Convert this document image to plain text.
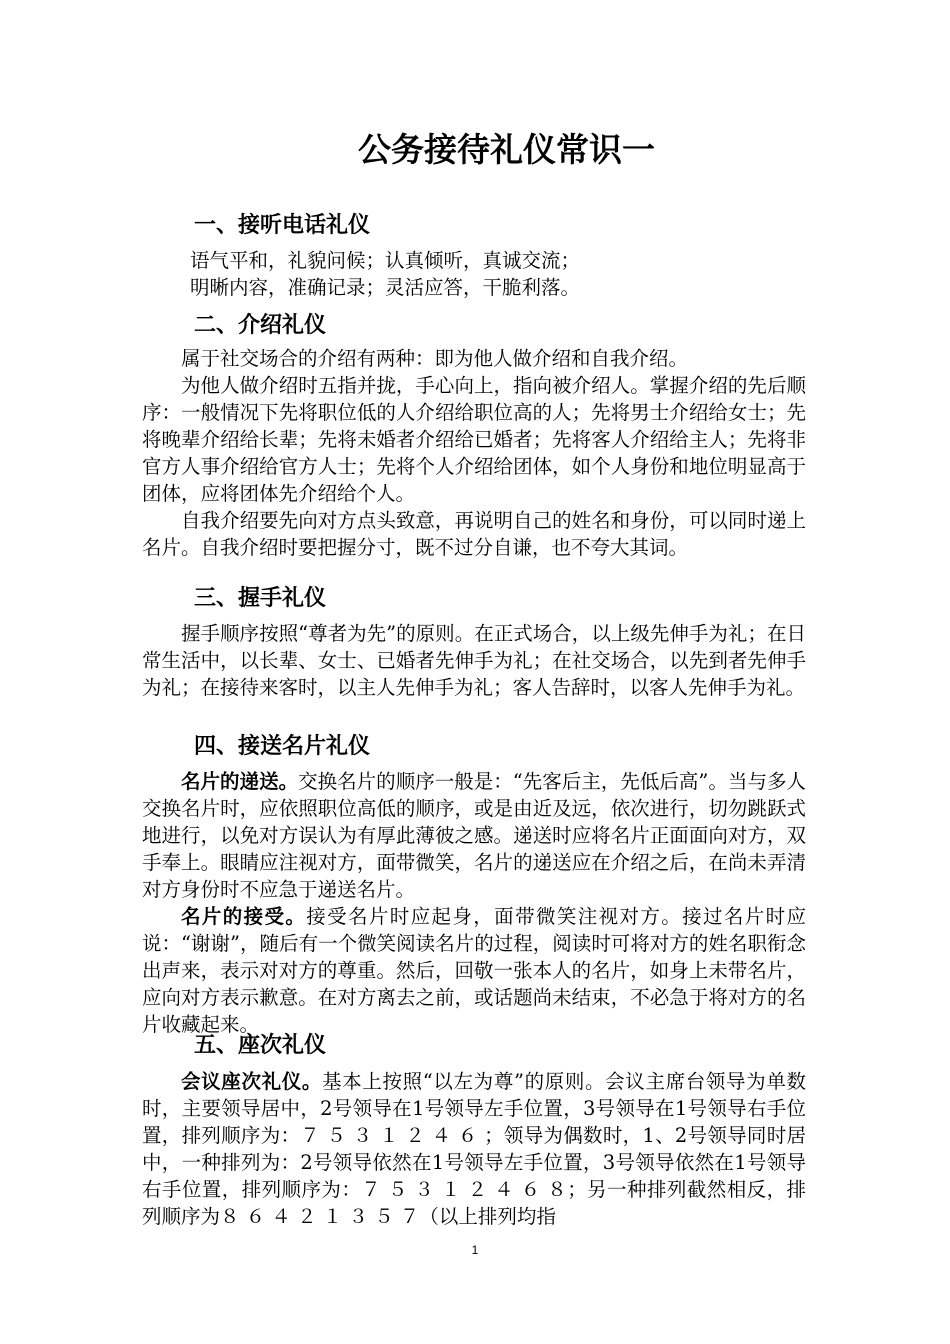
公务接待礼仪常识一
一、接听电话礼仪
语气平和，礼貌问候；认真倾听，真诚交流；
明晰内容，准确记录；灵活应答，干脆利落。
二、介绍礼仪

属于社交场合的介绍有两种：即为他人做介绍和自我介绍。

为他人做介绍时五指并拢，手心向上，指向被介绍人。掌握介绍的先后顺序：一般情况下先将职位低的人介绍给职位高的人；先将男士介绍给女士；先将晚辈介绍给长辈；先将未婚者介绍给已婚者；先将客人介绍给主人；先将非官方人事介绍给官方人士；先将个人介绍给团体，如个人身份和地位明显高于团体，应将团体先介绍给个人。

自我介绍要先向对方点头致意，再说明自己的姓名和身份，可以同时递上名片。自我介绍时要把握分寸，既不过分自谦，也不夸大其词。

三、握手礼仪

握手顺序按照“尊者为先”的原则。在正式场合，以上级先伸手为礼；在日常生活中，以长辈、女士、已婚者先伸手为礼；在社交场合，以先到者先伸手为礼；在接待来客时，以主人先伸手为礼；客人告辞时，以客人先伸手为礼。

四、接送名片礼仪

名片的递送。交换名片的顺序一般是：“先客后主，先低后高”。当与多人交换名片时，应依照职位高低的顺序，或是由近及远，依次进行，切勿跳跃式地进行，以免对方误认为有厚此薄彼之感。递送时应将名片正面面向对方，双手奉上。眼睛应注视对方，面带微笑，名片的递送应在介绍之后，在尚未弄清对方身份时不应急于递送名片。

名片的接受。接受名片时应起身，面带微笑注视对方。接过名片时应说：“谢谢”，随后有一个微笑阅读名片的过程，阅读时可将对方的姓名职衔念出声来，表示对对方的尊重。然后，回敬一张本人的名片，如身上未带名片，应向对方表示歉意。在对方离去之前，或话题尚未结束，不必急于将对方的名片收藏起来。

五、座次礼仪

会议座次礼仪。基本上按照“以左为尊”的原则。会议主席台领导为单数时，主要领导居中，2号领导在1号领导左手位置，3号领导在1号领导右手位置，排列顺序为：７ ５ ３ １ ２ ４ ６ ；领导为偶数时，1、2号领导同时居中，一种排列为：2号领导依然在1号领导左手位置，3号领导依然在1号领导右手位置，排列顺序为：７ ５ ３ １ ２ ４ ６ ８；另一种排列截然相反，排列顺序为８ ６ ４ ２ １ ３ ５ ７（以上排列均指

1
